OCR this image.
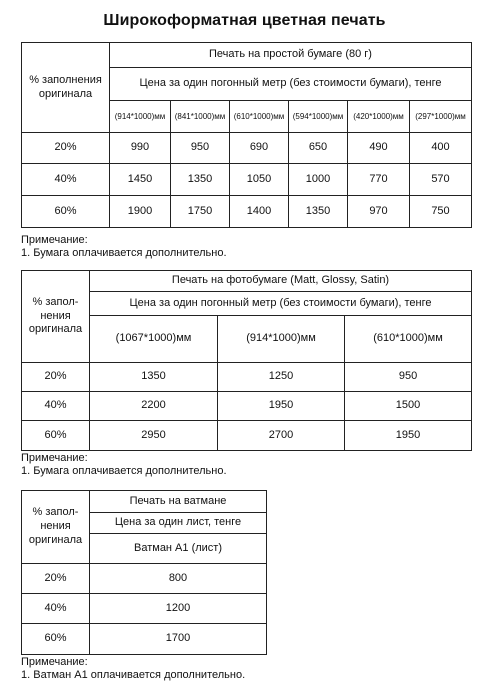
Широкоформатная цветная печать
% заполнения
оригинала	Печать на простой бумаге (80 г)					
	Цена за один погонный метр (без стоимости бумаги), тенге					
	(914*1000)мм	(841*1000)мм	(610*1000)мм	(594*1000)мм	(420*1000)мм	(297*1000)мм
20%	990	950	690	650	490	400
40%	1450	1350	1050	1000	770	570
60%	1900	1750	1400	1350	970	750
Примечание:
1. Бумага оплачивается дополнительно.
% запол-
нения
оригинала	Печать на фотобумаге (Matt, Glossy, Satin)		
	Цена за один погонный метр (без стоимости бумаги), тенге		
	(1067*1000)мм	(914*1000)мм	(610*1000)мм
20%	1350	1250	950
40%	2200	1950	1500
60%	2950	2700	1950
Примечание:
1. Бумага оплачивается дополнительно.
% запол-
нения
оригинала	Печать на ватмане
	Цена за один лист, тенге
	Ватман А1 (лист)
20%	800
40%	1200
60%	1700
Примечание:
1. Ватман А1 оплачивается дополнительно.
